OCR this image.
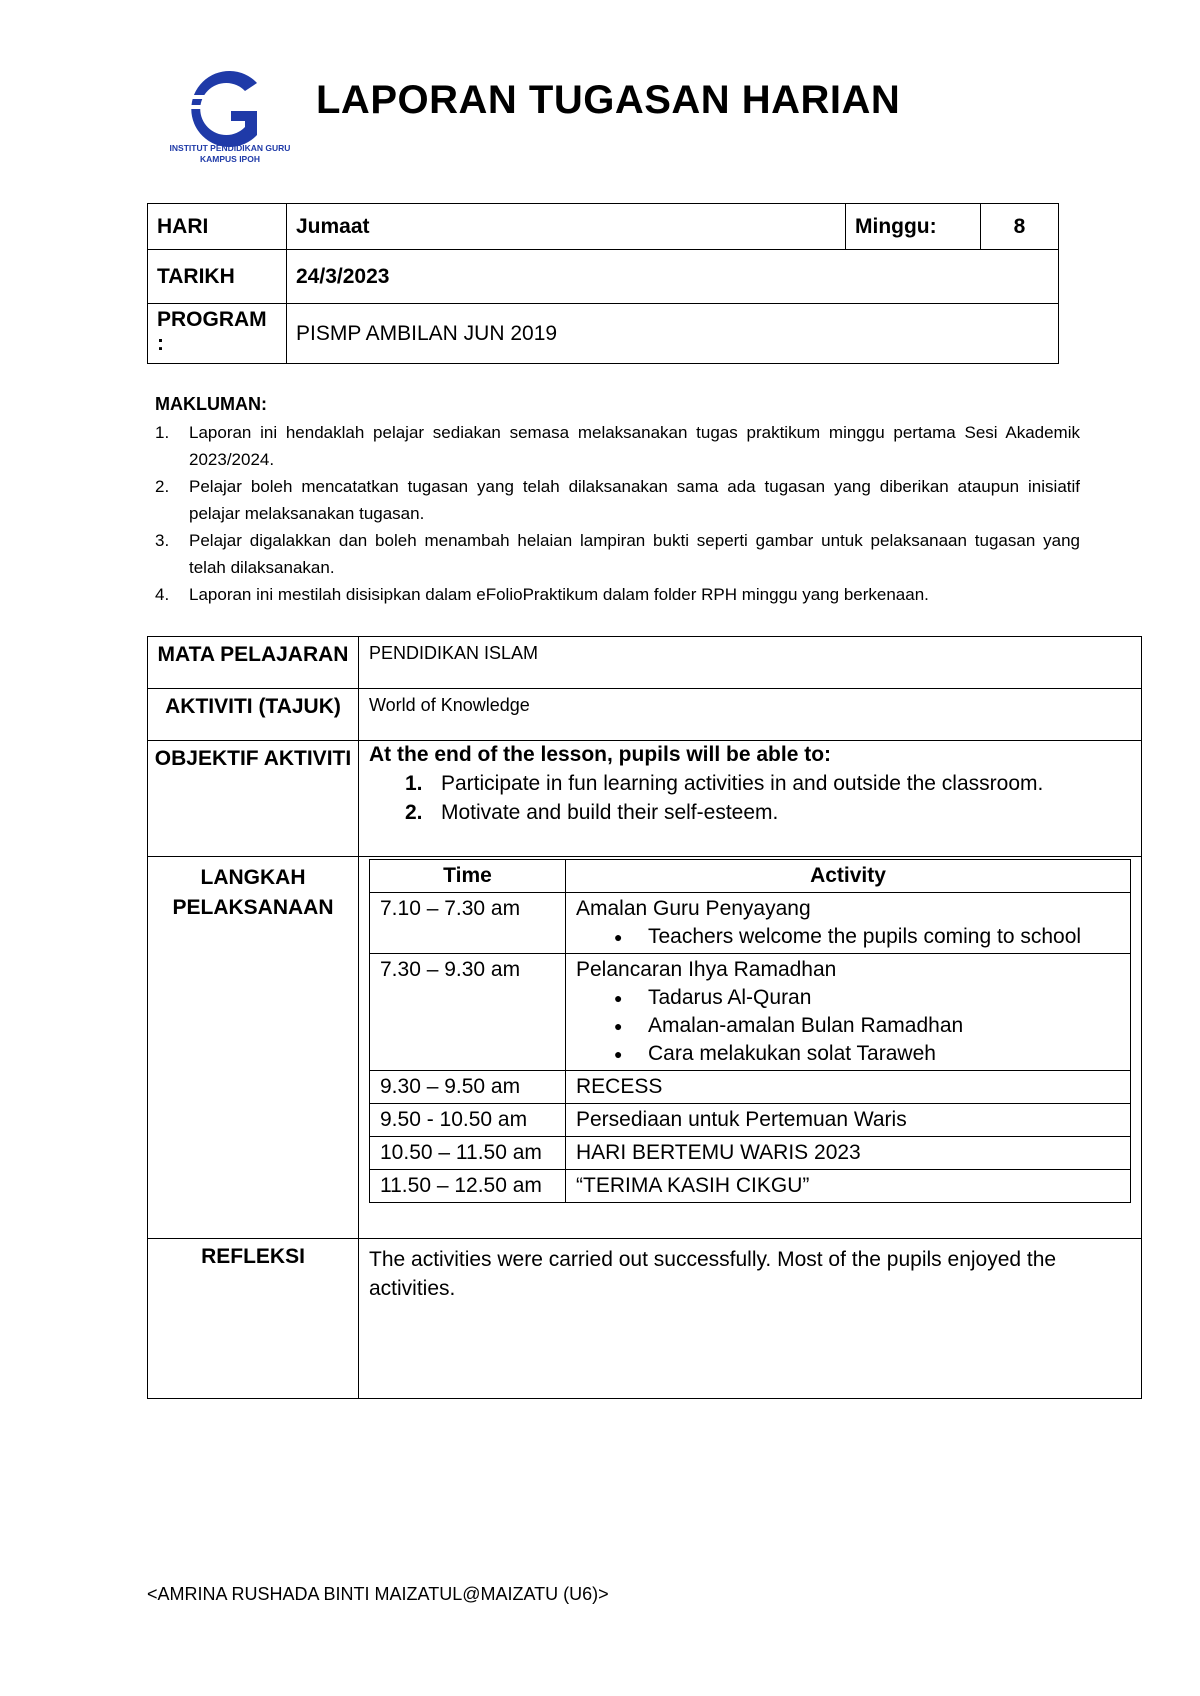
INSTITUT PENDIDIKAN GURU
KAMPUS IPOH
LAPORAN TUGASAN HARIAN
HARI	Jumaat	Minggu:	8
TARIKH	24/3/2023		
PROGRAM :	PISMP AMBILAN JUN 2019		
MAKLUMAN:
1. Laporan ini hendaklah pelajar sediakan semasa melaksanakan tugas praktikum minggu pertama Sesi Akademik 2023/2024.
2. Pelajar boleh mencatatkan tugasan yang telah dilaksanakan sama ada tugasan yang diberikan ataupun inisiatif pelajar melaksanakan tugasan.
3. Pelajar digalakkan dan boleh menambah helaian lampiran bukti seperti gambar untuk pelaksanaan tugasan yang telah dilaksanakan.
4. Laporan ini mestilah disisipkan dalam eFolioPraktikum dalam folder RPH minggu yang berkenaan.
MATA PELAJARAN	PENDIDIKAN ISLAM
AKTIVITI (TAJUK)	World of Knowledge
OBJEKTIF AKTIVITI	At the end of the lesson, pupils will be able to:
1. Participate in fun learning activities in and outside the classroom.
2. Motivate and build their self-esteem.

LANGKAH PELAKSANAAN	
Time	Activity
7.10 – 7.30 am	Amalan Guru Penyayang
● Teachers welcome the pupils coming to school

7.30 – 9.30 am	Pelancaran Ihya Ramadhan
● Tadarus Al-Quran
● Amalan-amalan Bulan Ramadhan
● Cara melakukan solat Taraweh

9.30 – 9.50 am	RECESS
9.50 - 10.50 am	Persediaan untuk Pertemuan Waris
10.50 – 11.50 am	HARI BERTEMU WARIS 2023
11.50 – 12.50 am	“TERIMA KASIH CIKGU”

REFLEKSI	The activities were carried out successfully. Most of the pupils enjoyed the activities.
<AMRINA RUSHADA BINTI MAIZATUL@MAIZATU (U6)>
